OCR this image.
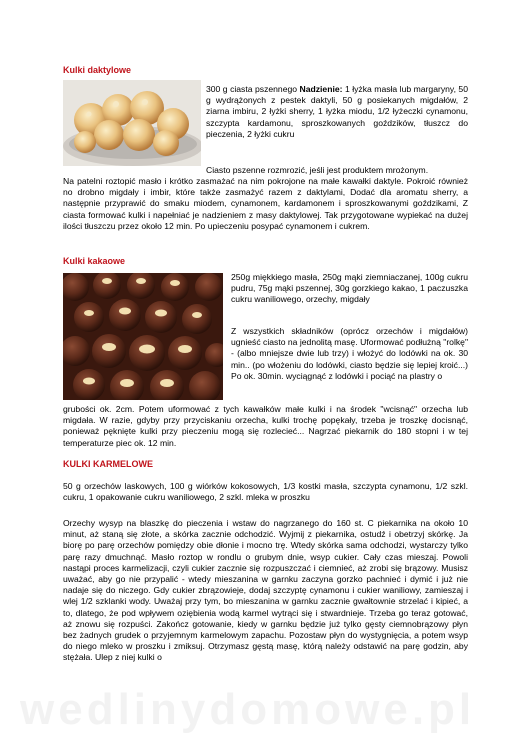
Kulki daktylowe

300 g ciasta pszennego Nadzienie: 1 łyżka masła lub margaryny, 50 g wydrążonych z pestek daktyli, 50 g posiekanych migdałów, 2 ziarna imbiru, 2 łyżki sherry, 1 łyżka miodu, 1/2 łyżeczki cynamonu, szczypta kardamonu, sproszkowanych goździków, tłuszcz do pieczenia, 2 łyżki cukru

Ciasto pszenne rozmrozić, jeśli jest produktem mrożonym.

Na patelni roztopić masło i krótko zasmażać na nim pokrojone na małe kawałki daktyle. Pokroić również no drobno migdały i imbir, które także zasmażyć razem z daktylami, Dodać dla aromatu sherry, a następnie przyprawić do smaku miodem, cynamonem, kardamonem i sproszkowanymi goździkami, Z ciasta formować kulki i napełniać je nadzieniem z masy daktylowej. Tak przygotowane wypiekać na dużej ilości tłuszczu przez około 12 min. Po upieczeniu posypać cynamonem i cukrem.

Kulki kakaowe

250g miękkiego masła, 250g mąki ziemniaczanej, 100g cukru pudru, 75g mąki pszennej, 30g gorzkiego kakao, 1 paczuszka cukru waniliowego, orzechy, migdały

Z wszystkich składników (oprócz orzechów i migdałów) ugnieść ciasto na jednolitą masę. Uformować podłużną "rolkę" - (albo mniejsze dwie lub trzy) i włożyć do lodówki na ok. 30 min.. (po włożeniu do lodówki, ciasto będzie się lepiej kroić...) Po ok. 30min. wyciągnąć z lodówki i pociąć na plastry o

grubości ok. 2cm. Potem uformować z tych kawałków małe kulki i na środek "wcisnąć" orzecha lub migdała. W razie, gdyby przy przyciskaniu orzecha, kulki trochę popękały, trzeba je troszkę docisnąć, ponieważ pęknięte kulki przy pieczeniu mogą się rozlecieć... Nagrzać piekarnik do 180 stopni i w tej temperaturze piec ok. 12 min.

KULKI KARMELOWE

50 g orzechów laskowych, 100 g wiórków kokosowych, 1/3 kostki masła, szczypta cynamonu, 1/2 szkl. cukru, 1 opakowanie cukru waniliowego, 2 szkl. mleka w proszku

Orzechy wysyp na blaszkę do pieczenia i wstaw do nagrzanego do 160 st. C piekarnika na około 10 minut, aż staną się złote, a skórka zacznie odchodzić. Wyjmij z piekarnika, ostudź i obetrzyj skórkę. Ja biorę po parę orzechów pomiędzy obie dłonie i mocno trę. Wtedy skórka sama odchodzi, wystarczy tylko parę razy dmuchnąć. Masło roztop w rondlu o grubym dnie, wsyp cukier. Cały czas mieszaj. Powoli nastąpi proces karmelizacji, czyli cukier zacznie się rozpuszczać i ciemnieć, aż zrobi się brązowy. Musisz uważać, aby go nie przypalić - wtedy mieszanina w garnku zaczyna gorzko pachnieć i dymić i już nie nadaje się do niczego. Gdy cukier zbrązowieje, dodaj szczyptę cynamonu i cukier waniliowy, zamieszaj i wlej 1/2 szklanki wody. Uważaj przy tym, bo mieszanina w garnku zacznie gwałtownie strzelać i kipieć, a to, dlatego, że pod wpływem oziębienia wodą karmel wytrąci się i stwardnieje. Trzeba go teraz gotować, aż znowu się rozpuści. Zakończ gotowanie, kiedy w garnku będzie już tylko gęsty ciemnobrązowy płyn bez żadnych grudek o przyjemnym karmelowym zapachu. Pozostaw płyn do wystygnięcia, a potem wsyp do niego mleko w proszku i zmiksuj. Otrzymasz gęstą masę, którą należy odstawić na parę godzin, aby stężała. Ulep z niej kulki o

wedlinydomowe.pl
